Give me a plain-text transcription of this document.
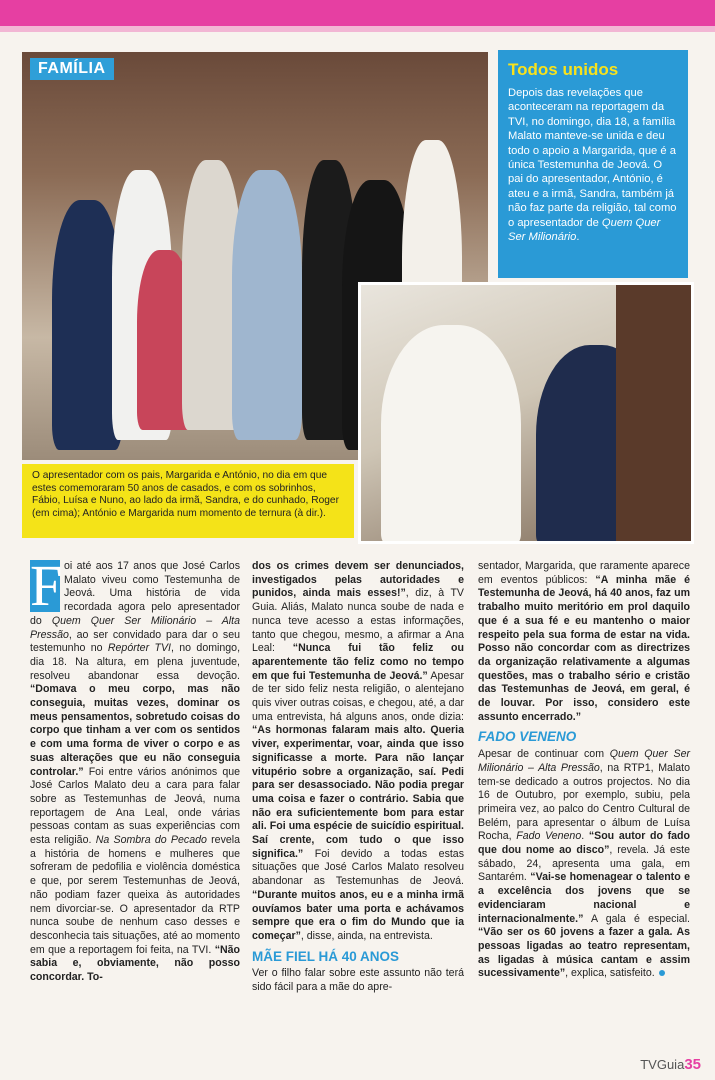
FAMÍLIA	Todos unidos

Depois das revelações que aconteceram na reportagem da TVI, no domingo, dia 18, a família Malato manteve-se unida e deu todo o apoio a Margarida, que é a única Testemunha de Jeová. O pai do apresentador, António, é ateu e a irmã, Sandra, também já não faz parte da religião, tal como o apresentador de Quem Quer Ser Milionário.

O apresentador com os pais, Margarida e António, no dia em que estes comemoraram 50 anos de casados, e com os sobrinhos, Fábio, Luísa e Nuno, ao lado da irmã, Sandra, e do cunhado, Roger (em cima); António e Margarida num momento de ternura (à dir.).
F oi até aos 17 anos que José Carlos Malato viveu como Testemunha de Jeová. Uma história de vida recordada agora pelo apresentador do Quem Quer Ser Milionário – Alta Pressão, ao ser convidado para dar o seu testemunho no Repórter TVI, no domingo, dia 18. Na altura, em plena juventude, resolveu abandonar essa devoção. “Domava o meu corpo, mas não conseguia, muitas vezes, dominar os meus pensamentos, sobretudo coisas do corpo que tinham a ver com os sentidos e com uma forma de viver o corpo e as suas alterações que eu não conseguia controlar.” Foi entre vários anónimos que José Carlos Malato deu a cara para falar sobre as Testemunhas de Jeová, numa reportagem de Ana Leal, onde várias pessoas contam as suas experiências com esta religião. Na Sombra do Pecado revela a história de homens e mulheres que sofreram de pedofilia e violência doméstica e que, por serem Testemunhas de Jeová, não podiam fazer queixa às autoridades nem divorciar-se. O apresentador da RTP nunca soube de nenhum caso desses e desconhecia tais situações, até ao momento em que a reportagem foi feita, na TVI. “Não sabia e, obviamente, não posso concordar. To-

dos os crimes devem ser denunciados, investigados pelas autoridades e punidos, ainda mais esses!”, diz, à TV Guia. Aliás, Malato nunca soube de nada e nunca teve acesso a estas informações, tanto que chegou, mesmo, a afirmar a Ana Leal: “Nunca fui tão feliz ou aparentemente tão feliz como no tempo em que fui Testemunha de Jeová.” Apesar de ter sido feliz nesta religião, o alentejano quis viver outras coisas, e chegou, até, a dar uma entrevista, há alguns anos, onde dizia: “As hormonas falaram mais alto. Queria viver, experimentar, voar, ainda que isso significasse a morte. Para não lançar vitupério sobre a organização, saí. Pedi para ser desassociado. Não podia pregar uma coisa e fazer o contrário. Sabia que não era suficientemente bom para estar ali. Foi uma espécie de suicídio espiritual. Saí crente, com tudo o que isso significa.” Foi devido a todas estas situações que José Carlos Malato resolveu abandonar as Testemunhas de Jeová. “Durante muitos anos, eu e a minha irmã ouvíamos bater uma porta e achávamos sempre que era o fim do Mundo que ia começar”, disse, ainda, na entrevista.

MÃE FIEL HÁ 40 ANOS

Ver o filho falar sobre este assunto não terá sido fácil para a mãe do apre-

sentador, Margarida, que raramente aparece em eventos públicos: “A minha mãe é Testemunha de Jeová, há 40 anos, faz um trabalho muito meritório em prol daquilo que é a sua fé e eu mantenho o maior respeito pela sua forma de estar na vida. Posso não concordar com as directrizes da organização relativamente a algumas questões, mas o trabalho sério e cristão das Testemunhas de Jeová, em geral, é de louvar. Por isso, considero este assunto encerrado.”

FADO VENENO

Apesar de continuar com Quem Quer Ser Milionário – Alta Pressão, na RTP1, Malato tem-se dedicado a outros projectos. No dia 16 de Outubro, por exemplo, subiu, pela primeira vez, ao palco do Centro Cultural de Belém, para apresentar o álbum de Luísa Rocha, Fado Veneno. “Sou autor do fado que dou nome ao disco”, revela. Já este sábado, 24, apresenta uma gala, em Santarém. “Vai-se homenagear o talento e a excelência dos jovens que se evidenciaram nacional e internacionalmente.” A gala é especial. “Vão ser os 60 jovens a fazer a gala. As pessoas ligadas ao teatro representam, as ligadas à música cantam e assim sucessivamente”, explica, satisfeito.

TVGuia35
